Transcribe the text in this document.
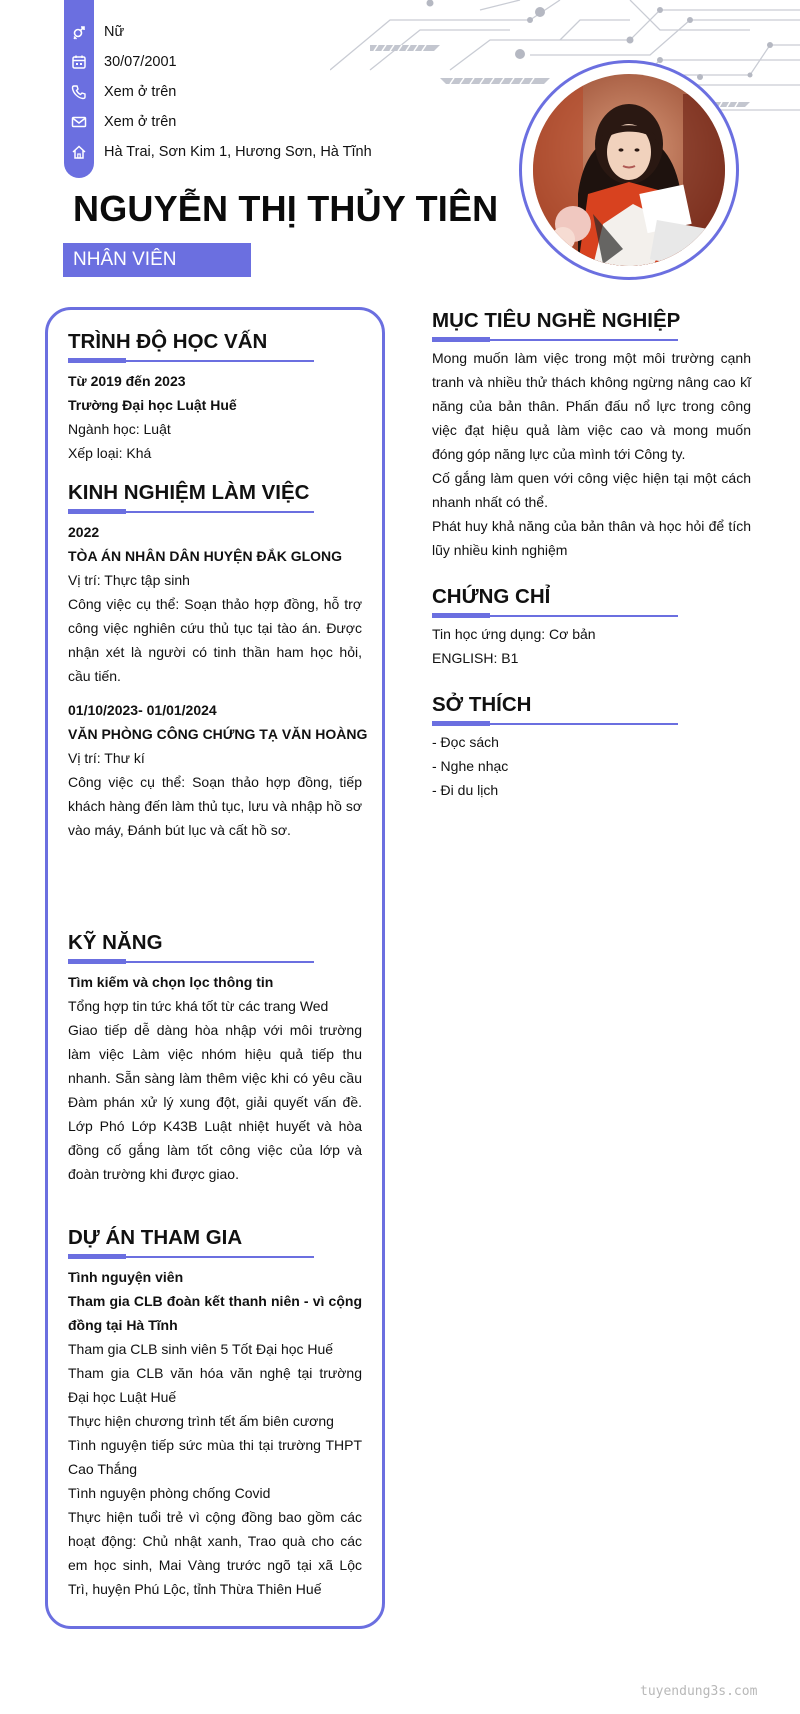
Nữ
30/07/2001
Xem ở trên
Xem ở trên
Hà Trai, Sơn Kim 1, Hương Sơn, Hà Tĩnh
NGUYỄN THỊ THỦY TIÊN
NHÂN VIÊN
TRÌNH ĐỘ HỌC VẤN
Từ 2019 đến 2023
Trường Đại học Luật Huế
Ngành học: Luật
Xếp loại: Khá
KINH NGHIỆM LÀM VIỆC
2022
TÒA ÁN NHÂN DÂN HUYỆN ĐẮK GLONG
Vị trí: Thực tập sinh
Công việc cụ thể: Soạn thảo hợp đồng, hỗ trợ công việc nghiên cứu thủ tục tại tào án. Được nhận xét là người có tinh thần ham học hỏi, cầu tiến.
01/10/2023- 01/01/2024
VĂN PHÒNG CÔNG CHỨNG TẠ VĂN HOÀNG
Vị trí: Thư kí
Công việc cụ thể: Soạn thảo hợp đồng, tiếp khách hàng đến làm thủ tục, lưu và nhập hồ sơ vào máy, Đánh bút lục và cất hồ sơ.
KỸ NĂNG
Tìm kiếm và chọn lọc thông tin
Tổng hợp tin tức khá tốt từ các trang Wed
Giao tiếp dễ dàng hòa nhập với môi trường làm việc Làm việc nhóm hiệu quả tiếp thu nhanh. Sẵn sàng làm thêm việc khi có yêu cầu Đàm phán xử lý xung đột, giải quyết vấn đề. Lớp Phó Lớp K43B Luật nhiệt huyết và hòa đồng cố gắng làm tốt công việc của lớp và đoàn trường khi được giao.
DỰ ÁN THAM GIA
Tình nguyện viên
Tham gia CLB đoàn kết thanh niên - vì cộng đồng tại Hà Tĩnh
Tham gia CLB sinh viên 5 Tốt Đại học Huế
Tham gia CLB văn hóa văn nghệ tại trường Đại học Luật Huế
Thực hiện chương trình tết ấm biên cương
Tình nguyện tiếp sức mùa thi tại trường THPT Cao Thắng
Tình nguyện phòng chống Covid
Thực hiện tuổi trẻ vì cộng đồng bao gồm các hoạt động: Chủ nhật xanh, Trao quà cho các em học sinh, Mai Vàng trước ngõ tại xã Lộc Trì, huyện Phú Lộc, tỉnh Thừa Thiên Huế
MỤC TIÊU NGHỀ NGHIỆP
Mong muốn làm việc trong một môi trường cạnh tranh và nhiều thử thách không ngừng nâng cao kĩ năng của bản thân. Phấn đấu nổ lực trong công việc đạt hiệu quả làm việc cao và mong muốn đóng góp năng lực của mình tới Công ty.
Cố gắng làm quen với công việc hiện tại một cách nhanh nhất có thể.
Phát huy khả năng của bản thân và học hỏi để tích lũy nhiều kinh nghiệm
CHỨNG CHỈ
Tin học ứng dụng: Cơ bản
ENGLISH: B1
SỞ THÍCH
- Đọc sách
- Nghe nhạc
- Đi du lịch
tuyendung3s.com
